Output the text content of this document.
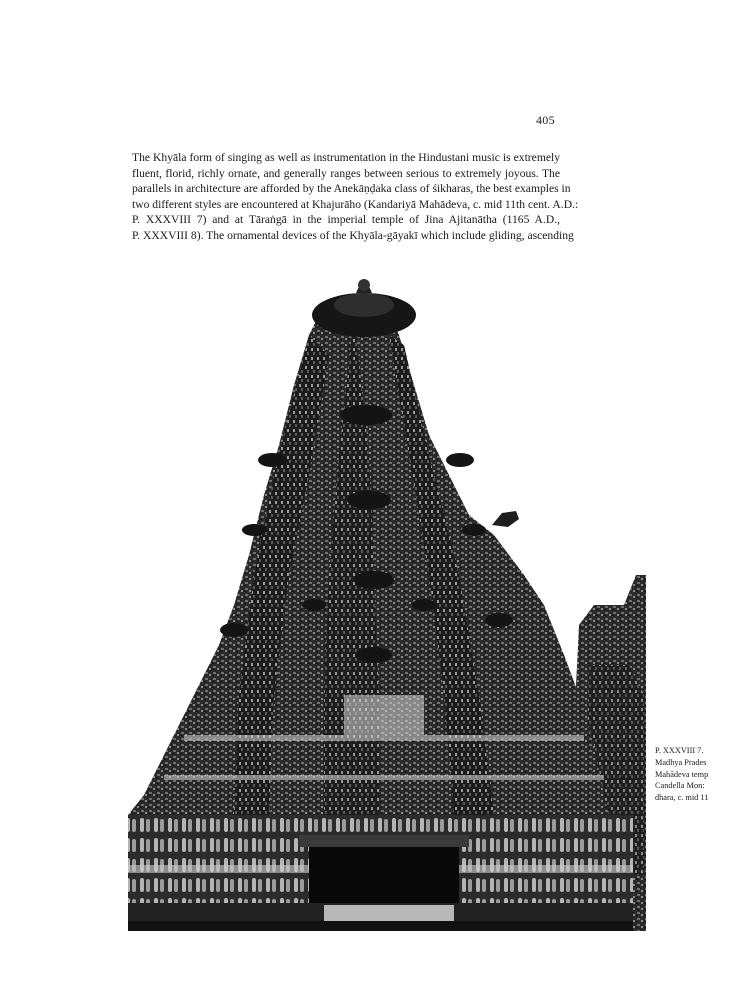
405

The Khyāla form of singing as well as instrumentation in the Hindustani music is extremely
fluent, florid, richly ornate, and generally ranges between serious to extremely joyous. The
parallels in architecture are afforded by the Anekāṇḍaka class of śikharas, the best examples in
two different styles are encountered at Khajurāho (Kandariyā Mahādeva, c. mid 11th cent. A.D.:
P. XXXVIII 7) and at Tāraṅgā in the imperial temple of Jina Ajitanātha (1165 A.D.,
P. XXXVIII 8). The ornamental devices of the Khyāla-gāyakī which include gliding, ascending

P. XXXVIII 7.
Madhya Prades
Mahādeva temp
Candella Mon:
dhara, c. mid 11
